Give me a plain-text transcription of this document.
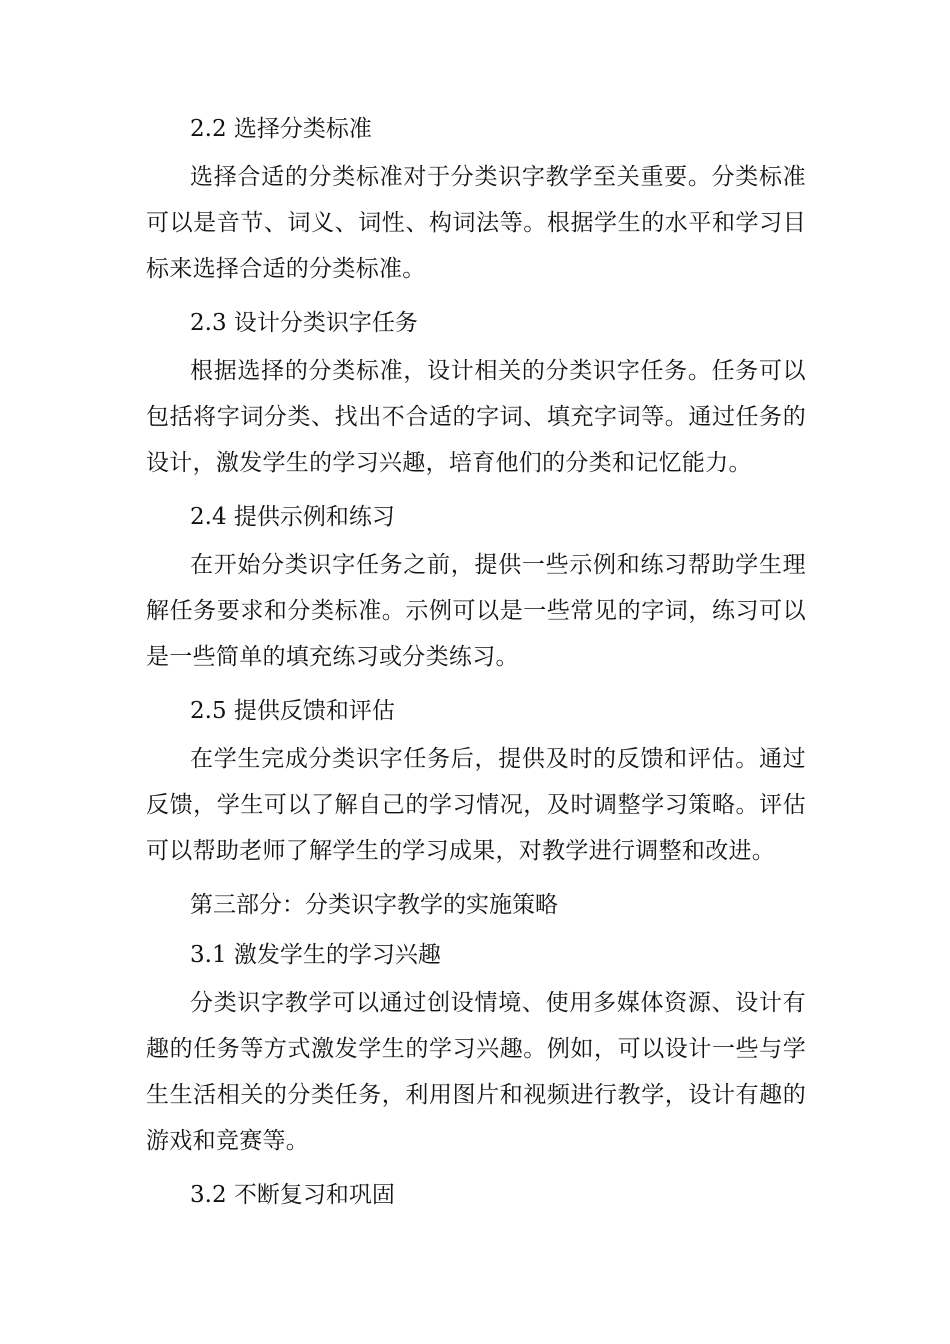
2.2 选择分类标准

选择合适的分类标准对于分类识字教学至关重要。分类标准可以是音节、词义、词性、构词法等。根据学生的水平和学习目标来选择合适的分类标准。

2.3 设计分类识字任务

根据选择的分类标准，设计相关的分类识字任务。任务可以包括将字词分类、找出不合适的字词、填充字词等。通过任务的设计，激发学生的学习兴趣，培育他们的分类和记忆能力。

2.4 提供示例和练习

在开始分类识字任务之前，提供一些示例和练习帮助学生理解任务要求和分类标准。示例可以是一些常见的字词，练习可以是一些简单的填充练习或分类练习。

2.5 提供反馈和评估

在学生完成分类识字任务后，提供及时的反馈和评估。通过反馈，学生可以了解自己的学习情况，及时调整学习策略。评估可以帮助老师了解学生的学习成果，对教学进行调整和改进。

第三部分：分类识字教学的实施策略

3.1 激发学生的学习兴趣

分类识字教学可以通过创设情境、使用多媒体资源、设计有趣的任务等方式激发学生的学习兴趣。例如，可以设计一些与学生生活相关的分类任务，利用图片和视频进行教学，设计有趣的游戏和竞赛等。

3.2 不断复习和巩固
